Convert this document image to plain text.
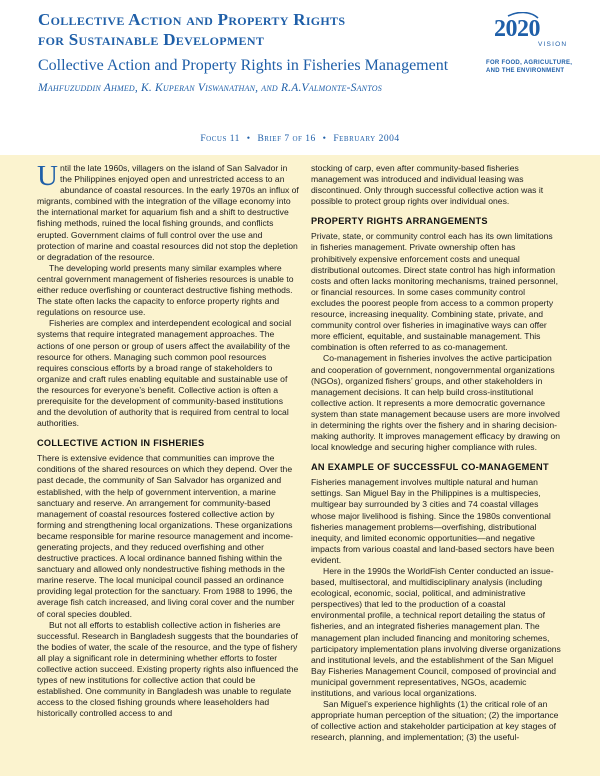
Collective Action and Property Rights
for Sustainable Development
Collective Action and Property Rights in Fisheries Management
Mahfuzuddin Ahmed, K. Kuperan Viswanathan, and R.A.Valmonte-Santos
2020
VISION
FOR FOOD, AGRICULTURE,
AND THE ENVIRONMENT
Focus 11 • Brief 7 of 16 • February 2004

Until the late 1960s, villagers on the island of San Salvador in the Philippines enjoyed open and unrestricted access to an abundance of coastal resources. In the early 1970s an influx of migrants, combined with the integration of the village economy into the international market for aquarium fish and a shift to destructive fishing methods, ruined the local fishing grounds, and conflicts erupted. Government claims of full control over the use and protection of marine and coastal resources did not stop the depletion or degradation of the resource.

The developing world presents many similar examples where central government management of fisheries resources is unable to either reduce overfishing or counteract destructive fishing methods. The state often lacks the capacity to enforce property rights and regulations on resource use.

Fisheries are complex and interdependent ecological and social systems that require integrated management approaches. The actions of one person or group of users affect the availability of the resource for others. Managing such common pool resources requires conscious efforts by a broad range of stakeholders to organize and craft rules enabling equitable and sustainable use of the resources for everyone’s benefit. Collective action is often a prerequisite for the development of community-based institutions and the devolution of authority that is required from central to local authorities.

COLLECTIVE ACTION IN FISHERIES

There is extensive evidence that communities can improve the conditions of the shared resources on which they depend. Over the past decade, the community of San Salvador has organized and established, with the help of government intervention, a marine sanctuary and reserve. An arrangement for community-based management of coastal resources fostered collective action by forming and strengthening local organizations. These organizations became responsible for marine resource management and income-generating projects, and they reduced overfishing and other destructive practices. A local ordinance banned fishing within the sanctuary and allowed only nondestructive fishing methods in the marine reserve. The local municipal council passed an ordinance providing legal protection for the sanctuary. From 1988 to 1996, the average fish catch increased, and living coral cover and the number of coral species doubled.

But not all efforts to establish collective action in fisheries are successful. Research in Bangladesh suggests that the boundaries of the bodies of water, the scale of the resource, and the type of fishery all play a significant role in determining whether efforts to foster collective action succeed. Existing property rights also influenced the types of new institutions for collective action that could be established. One community in Bangladesh was unable to regulate access to the closed fishing grounds where leaseholders had historically controlled access to and

stocking of carp, even after community-based fisheries management was introduced and individual leasing was discontinued. Only through successful collective action was it possible to protect group rights over individual ones.

PROPERTY RIGHTS ARRANGEMENTS

Private, state, or community control each has its own limitations in fisheries management. Private ownership often has prohibitively expensive enforcement costs and unequal distributional outcomes. Direct state control has high information costs and often lacks monitoring mechanisms, trained personnel, or financial resources. In some cases community control excludes the poorest people from access to a common property resource, increasing inequality. Combining state, private, and community control over fisheries in imaginative ways can offer more efficient, equitable, and sustainable management. This combination is often referred to as co-management.

Co-management in fisheries involves the active participation and cooperation of government, nongovernmental organizations (NGOs), organized fishers’ groups, and other stakeholders in management decisions. It can help build cross-institutional collective action. It represents a more democratic governance system than state management because users are more involved in determining the rights over the fishery and in sharing decision-making authority. It improves management efficacy by drawing on local knowledge and securing higher compliance with rules.

AN EXAMPLE OF SUCCESSFUL CO-MANAGEMENT

Fisheries management involves multiple natural and human settings. San Miguel Bay in the Philippines is a multispecies, multigear bay surrounded by 3 cities and 74 coastal villages whose major livelihood is fishing. Since the 1980s conventional fisheries management problems—overfishing, distributional inequity, and limited economic opportunities—and negative impacts from various coastal and land-based sectors have been evident.

Here in the 1990s the WorldFish Center conducted an issue-based, multisectoral, and multidisciplinary analysis (including ecological, economic, social, political, and administrative perspectives) that led to the production of a coastal environmental profile, a technical report detailing the status of fisheries, and an integrated fisheries management plan. The management plan included financing and monitoring schemes, participatory implementation plans involving diverse organizations and institutional levels, and the establishment of the San Miguel Bay Fisheries Management Council, composed of provincial and municipal government representatives, NGOs, academic institutions, and various local organizations.

San Miguel’s experience highlights (1) the critical role of an appropriate human perception of the situation; (2) the importance of collective action and stakeholder participation at key stages of research, planning, and implementation; (3) the useful-
